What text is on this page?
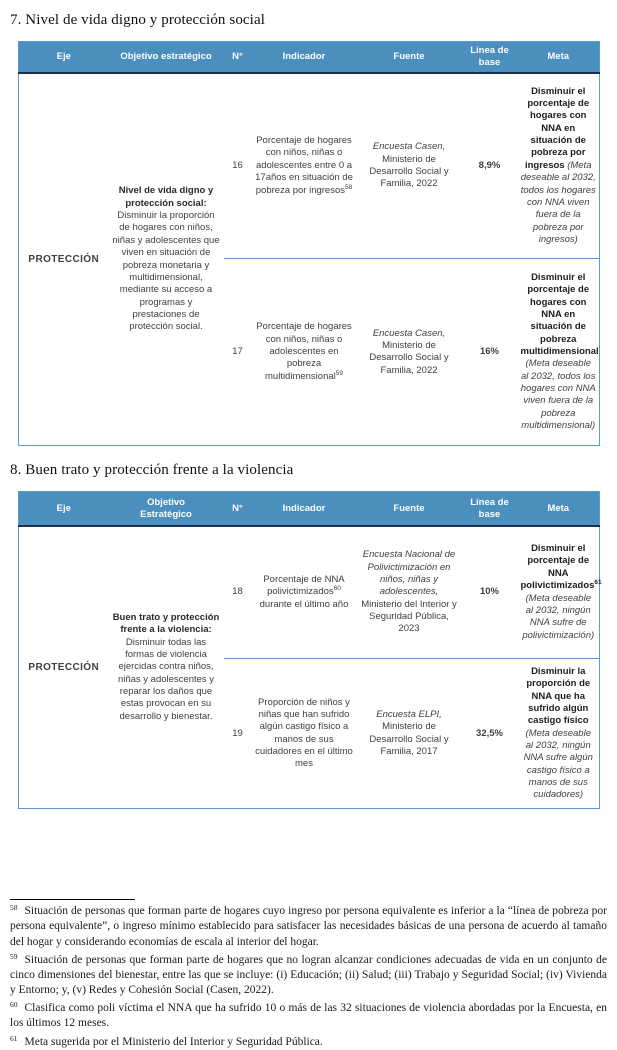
7. Nivel de vida digno y protección social
Eje	Objetivo estratégico	N°	Indicador	Fuente	Línea de base	Meta
PROTECCIÓN	Nivel de vida digno y protección social: Disminuir la proporción de hogares con niños, niñas y adolescentes que viven en situación de pobreza monetaria y multidimensional, mediante su acceso a programas y prestaciones de protección social.	16	Porcentaje de hogares con niños, niñas o adolescentes entre 0 a 17años en situación de pobreza por ingresos$^{58}$	Encuesta Casen, Ministerio de Desarrollo Social y Familia, 2022	8,9%	Disminuir el porcentaje de hogares con NNA en situación de pobreza por ingresos (Meta deseable al 2032, todos los hogares con NNA viven fuera de la pobreza por ingresos)
		17	Porcentaje de hogares con niños, niñas o adolescentes en pobreza multidimensional$^{59}$	Encuesta Casen, Ministerio de Desarrollo Social y Familia, 2022	16%	Disminuir el porcentaje de hogares con NNA en situación de pobreza multidimensional (Meta deseable al 2032, todos los hogares con NNA viven fuera de la pobreza multidimensional)
8. Buen trato y protección frente a la violencia
Eje	Objetivo Estratégico	N°	Indicador	Fuente	Línea de base	Meta
PROTECCIÓN	Buen trato y protección frente a la violencia: Disminuir todas las formas de violencia ejercidas contra niños, niñas y adolescentes y reparar los daños que estas provocan en su desarrollo y bienestar.	18	Porcentaje de NNA polivictimizados$^{60}$ durante el último año	Encuesta Nacional de Polivictimización en niños, niñas y adolescentes, Ministerio del Interior y Seguridad Pública, 2023	10%	Disminuir el porcentaje de NNA polivictimizados$^{61}$ (Meta deseable al 2032, ningún NNA sufre de polivictimización)
		19	Proporción de niños y niñas que han sufrido algún castigo físico a manos de sus cuidadores en el último mes	Encuesta ELPI, Ministerio de Desarrollo Social y Familia, 2017	32,5%	Disminuir la proporción de NNA que ha sufrido algún castigo físico (Meta deseable al 2032, ningún NNA sufre algún castigo físico a manos de sus cuidadores)

$^{58}$ Situación de personas que forman parte de hogares cuyo ingreso por persona equivalente es inferior a la “línea de pobreza por persona equivalente”, o ingreso mínimo establecido para satisfacer las necesidades básicas de una persona de acuerdo al tamaño del hogar y considerando economías de escala al interior del hogar.

$^{59}$ Situación de personas que forman parte de hogares que no logran alcanzar condiciones adecuadas de vida en un conjunto de cinco dimensiones del bienestar, entre las que se incluye: (i) Educación; (ii) Salud; (iii) Trabajo y Seguridad Social; (iv) Vivienda y Entorno; y, (v) Redes y Cohesión Social (Casen, 2022).

$^{60}$ Clasifica como poli víctima el NNA que ha sufrido 10 o más de las 32 situaciones de violencia abordadas por la Encuesta, en los últimos 12 meses.

$^{61}$ Meta sugerida por el Ministerio del Interior y Seguridad Pública.
